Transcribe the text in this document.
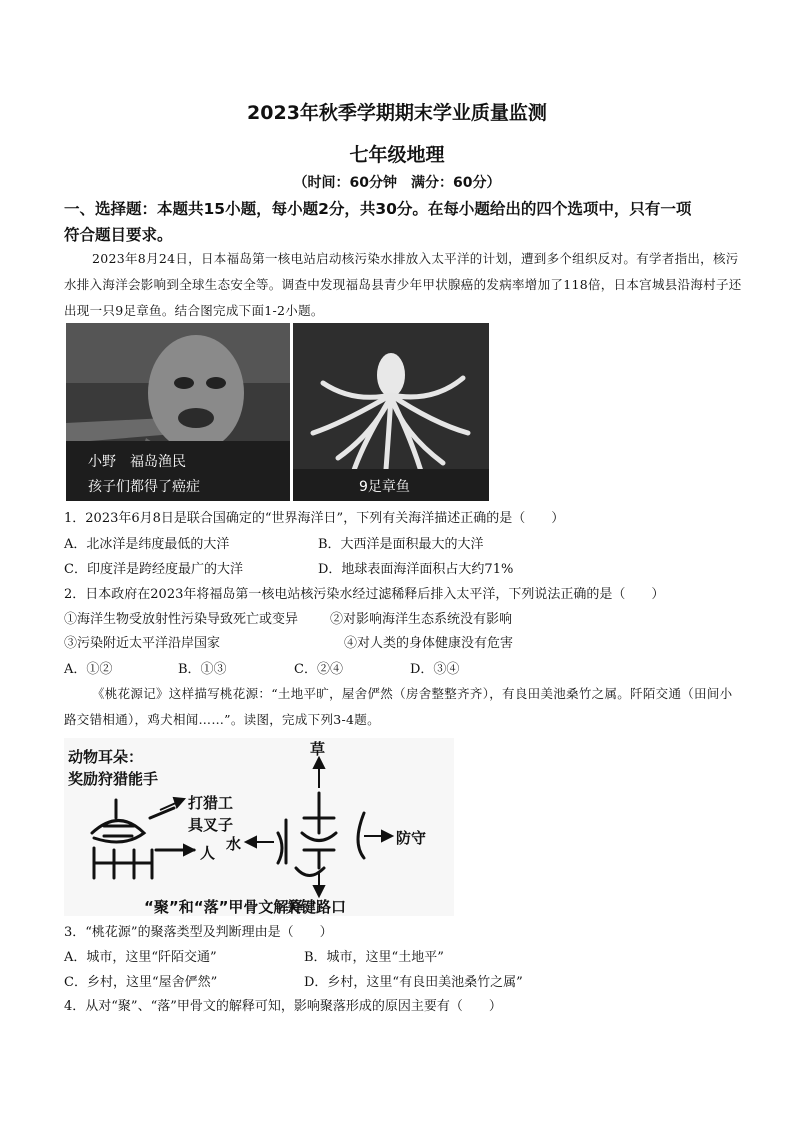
2023年秋季学期期末学业质量监测
七年级地理
（时间：60分钟　满分：60分）
一、选择题：本题共15小题，每小题2分，共30分。在每小题给出的四个选项中，只有一项
符合题目要求。
2023年8月24日，日本福岛第一核电站启动核污染水排放入太平洋的计划，遭到多个组织反对。有学者指出，核污水排入海洋会影响到全球生态安全等。调查中发现福岛县青少年甲状腺癌的发病率增加了118倍，日本宫城县沿海村子还出现一只9足章鱼。结合图完成下面1-2小题。
小野　福岛渔民
孩子们都得了癌症	9足章鱼
1．2023年6月8日是联合国确定的“世界海洋日”，下列有关海洋描述正确的是（　　）
A．北冰洋是纬度最低的大洋	B．大西洋是面积最大的大洋
C．印度洋是跨经度最广的大洋	D．地球表面海洋面积占大约71%
2．日本政府在2023年将福岛第一核电站核污染水经过滤稀释后排入太平洋，下列说法正确的是（　　）
①海洋生物受放射性污染导致死亡或变异 ②对影响海洋生态系统没有影响
③污染附近太平洋沿岸国家	④对人类的身体健康没有危害
A．①②	B．①③	C．②④	D．③④
《桃花源记》这样描写桃花源：“土地平旷，屋舍俨然（房舍整整齐齐），有良田美池桑竹之属。阡陌交通（田间小路交错相通），鸡犬相闻……”。读图，完成下列3-4题。
动物耳朵：
奖励狩猎能手
打猎工
具叉子
人
草
水	防守
关键路口
“聚”和“落”甲骨文解释
3．“桃花源”的聚落类型及判断理由是（　　）
A．城市，这里“阡陌交通”	B．城市，这里“土地平”
C．乡村，这里“屋舍俨然”	D．乡村，这里“有良田美池桑竹之属”
4．从对“聚”、“落”甲骨文的解释可知，影响聚落形成的原因主要有（　　）
